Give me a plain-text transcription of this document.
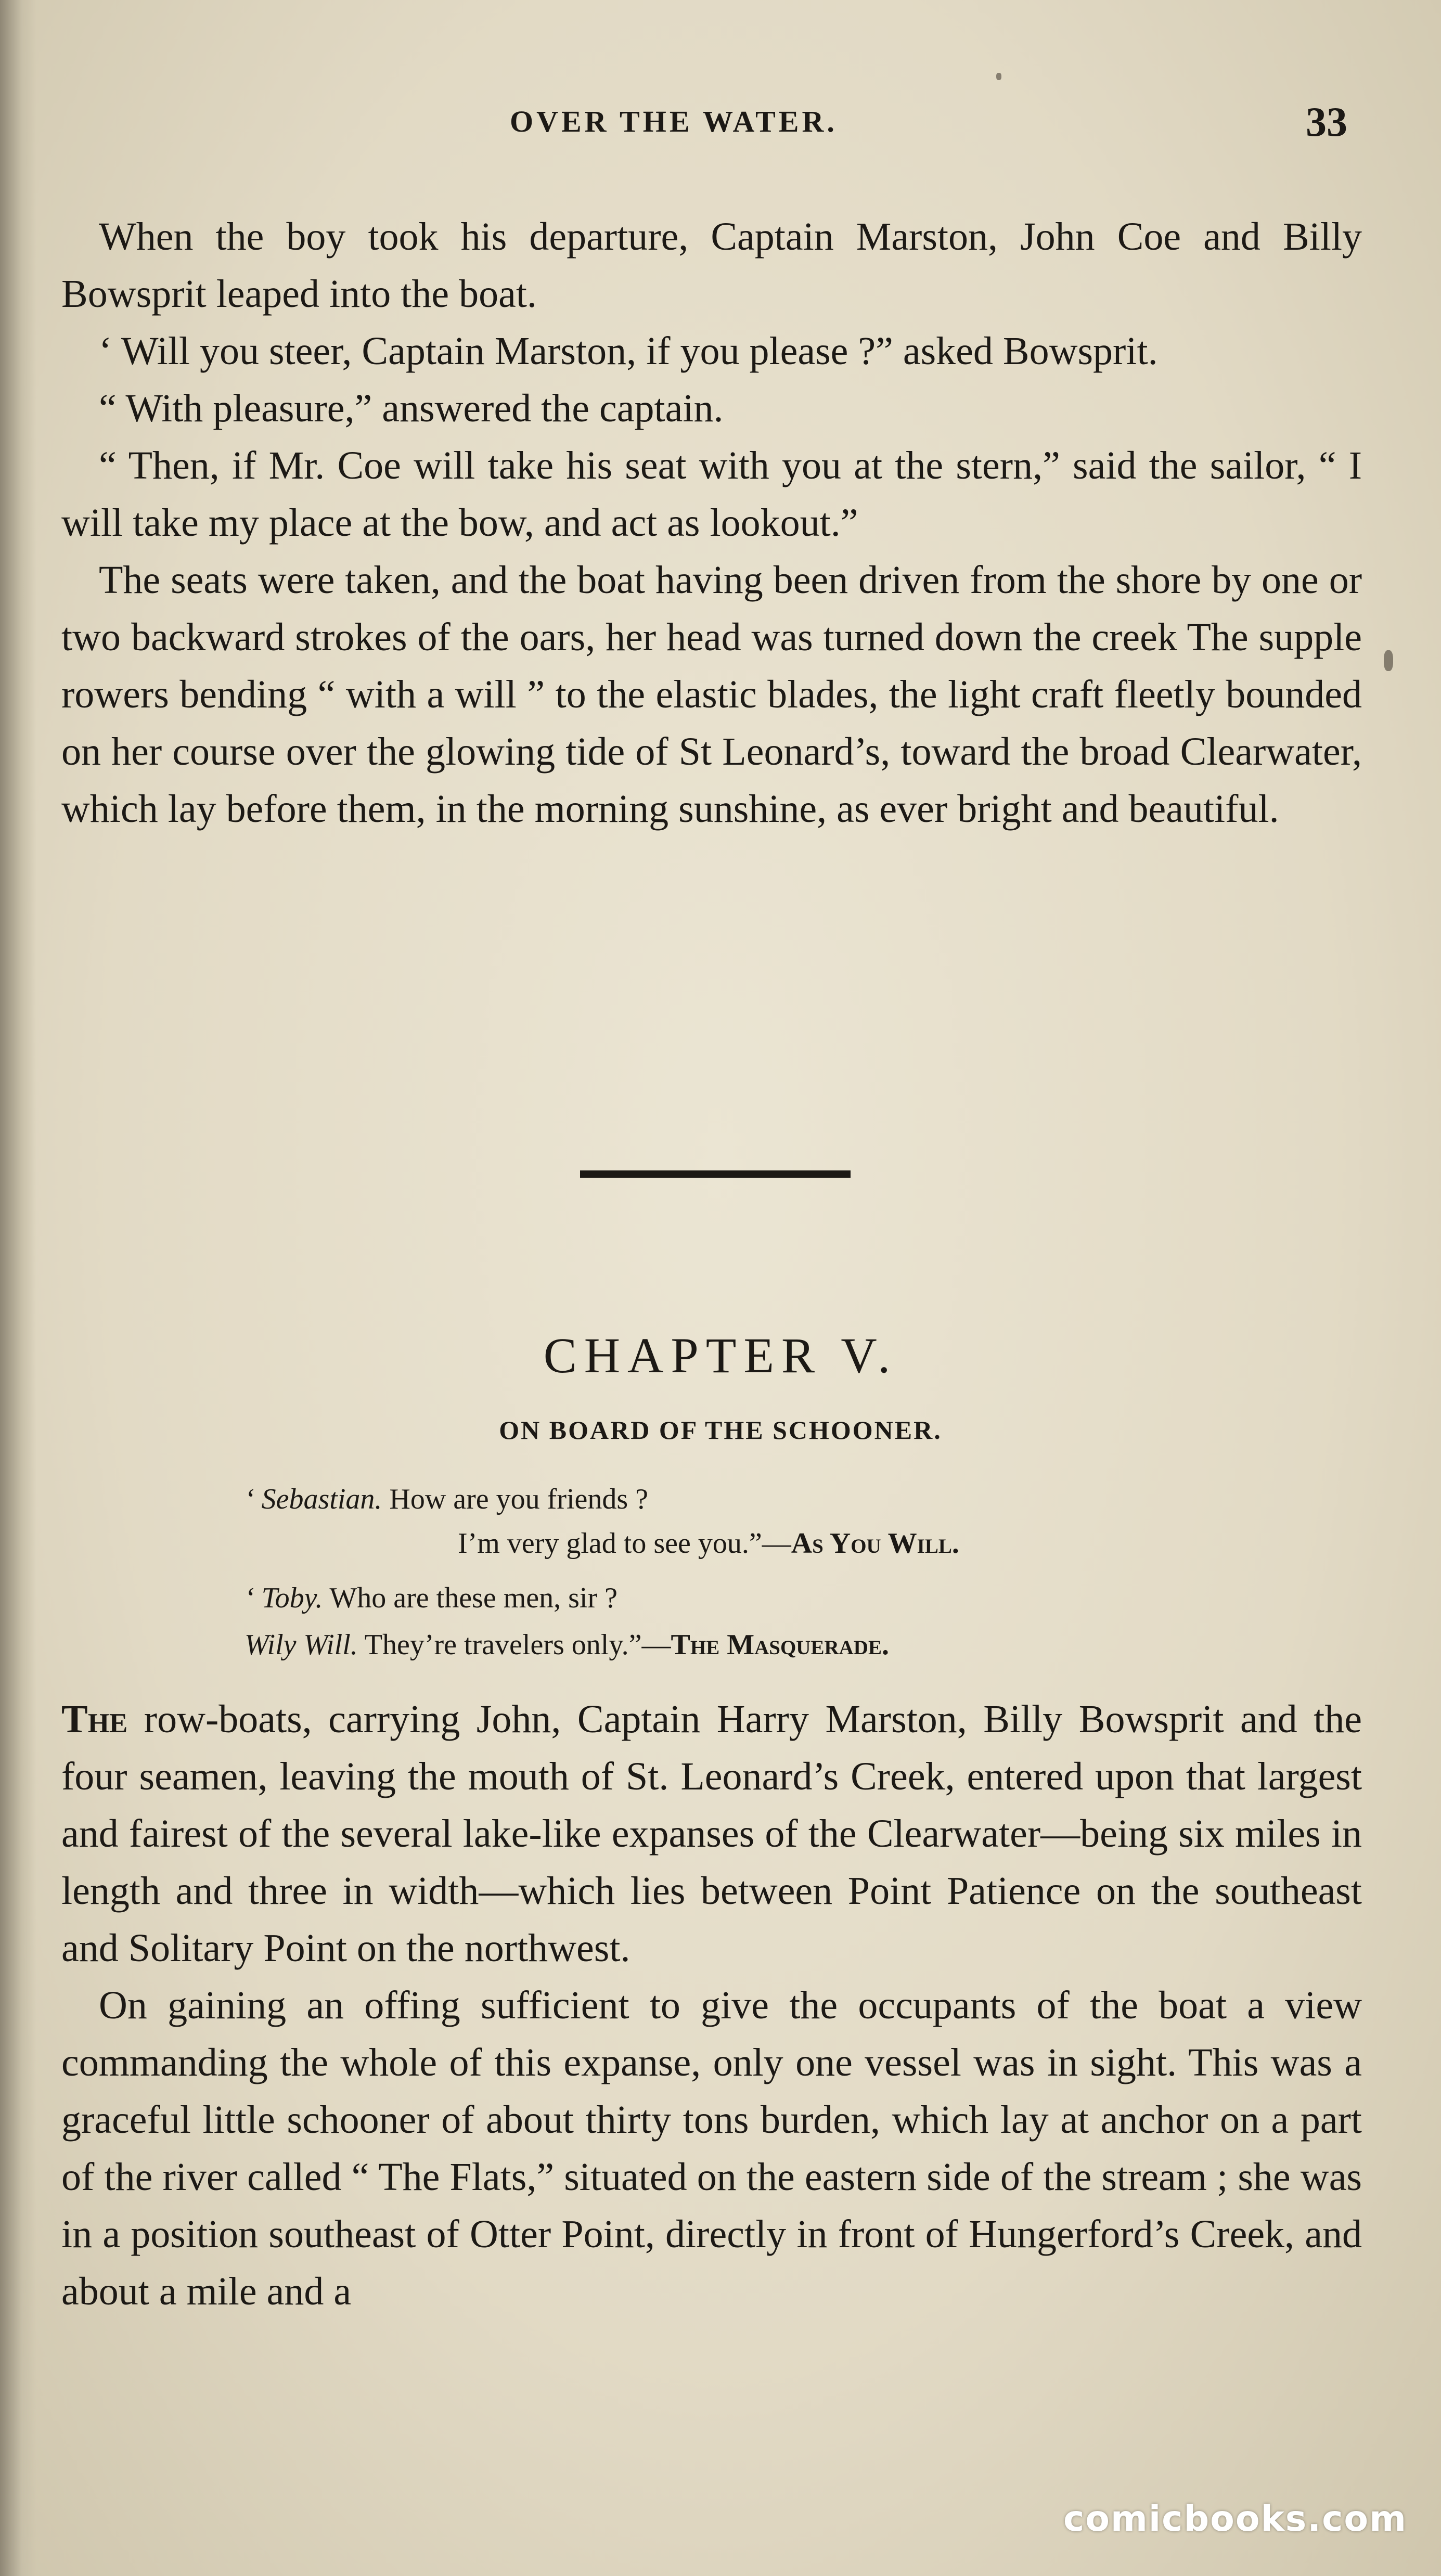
OVER THE WATER.	33

When the boy took his departure, Captain Marston, John Coe and Billy Bowsprit leaped into the boat.

‘ Will you steer, Captain Marston, if you please ?” asked Bowsprit.

“ With pleasure,” answered the captain.

“ Then, if Mr. Coe will take his seat with you at the stern,” said the sailor, “ I will take my place at the bow, and act as lookout.”

The seats were taken, and the boat having been driven from the shore by one or two backward strokes of the oars, her head was turned down the creek The supple rowers bending “ with a will ” to the elastic blades, the light craft fleetly bounded on her course over the glowing tide of St Leonard’s, toward the broad Clearwater, which lay before them, in the morning sunshine, as ever bright and beautiful.

CHAPTER V.
ON BOARD OF THE SCHOONER.
‘ Sebastian. How are you friends ?
I’m very glad to see you.”—As You Will.
‘ Toby. Who are these men, sir ?
Wily Will. They’re travelers only.”—The Masquerade.

The row-boats, carrying John, Captain Harry Marston, Billy Bowsprit and the four seamen, leaving the mouth of St. Leonard’s Creek, entered upon that largest and fairest of the several lake-like expanses of the Clearwater—being six miles in length and three in width—which lies between Point Patience on the southeast and Solitary Point on the northwest.

On gaining an offing sufficient to give the occupants of the boat a view commanding the whole of this expanse, only one vessel was in sight. This was a graceful little schooner of about thirty tons burden, which lay at anchor on a part of the river called “ The Flats,” situated on the eastern side of the stream ; she was in a position southeast of Otter Point, directly in front of Hungerford’s Creek, and about a mile and a

comicbooks.com
